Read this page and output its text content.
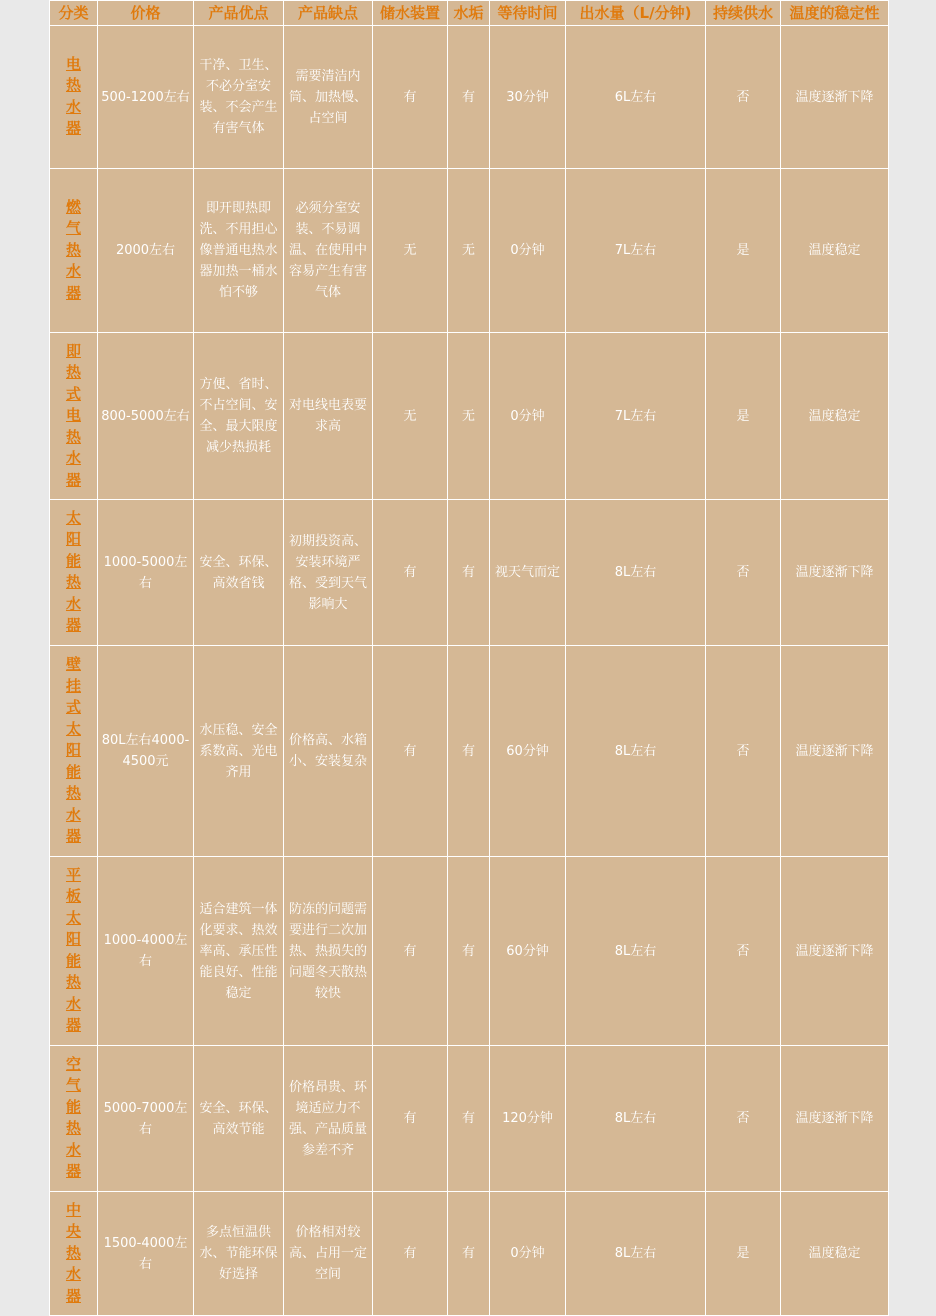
分类	价格	产品优点	产品缺点	储水装置	水垢	等待时间	出水量（L/分钟)	持续供水	温度的稳定性
电热水器	500-1200左右	干净、卫生、不必分室安装、不会产生有害气体	需要清洁内筒、加热慢、占空间	有	有	30分钟	6L左右	否	温度逐渐下降
燃气热水器	2000左右	即开即热即洗、不用担心像普通电热水器加热一桶水怕不够	必须分室安装、不易调温、在使用中容易产生有害气体	无	无	0分钟	7L左右	是	温度稳定
即热式电热水器	800-5000左右	方便、省时、不占空间、安全、最大限度减少热损耗	对电线电表要求高	无	无	0分钟	7L左右	是	温度稳定
太阳能热水器	1000-5000左右	安全、环保、高效省钱	初期投资高、安装环境严格、受到天气影响大	有	有	视天气而定	8L左右	否	温度逐渐下降
壁挂式太阳能热水器	80L左右4000-4500元	水压稳、安全系数高、光电齐用	价格高、水箱小、安装复杂	有	有	60分钟	8L左右	否	温度逐渐下降
平板太阳能热水器	1000-4000左右	适合建筑一体化要求、热效率高、承压性能良好、性能稳定	防冻的问题需要进行二次加热、热损失的问题冬天散热较快	有	有	60分钟	8L左右	否	温度逐渐下降
空气能热水器	5000-7000左右	安全、环保、高效节能	价格昂贵、环境适应力不强、产品质量参差不齐	有	有	120分钟	8L左右	否	温度逐渐下降
中央热水器	1500-4000左右	多点恒温供水、节能环保好选择	价格相对较高、占用一定空间	有	有	0分钟	8L左右	是	温度稳定
